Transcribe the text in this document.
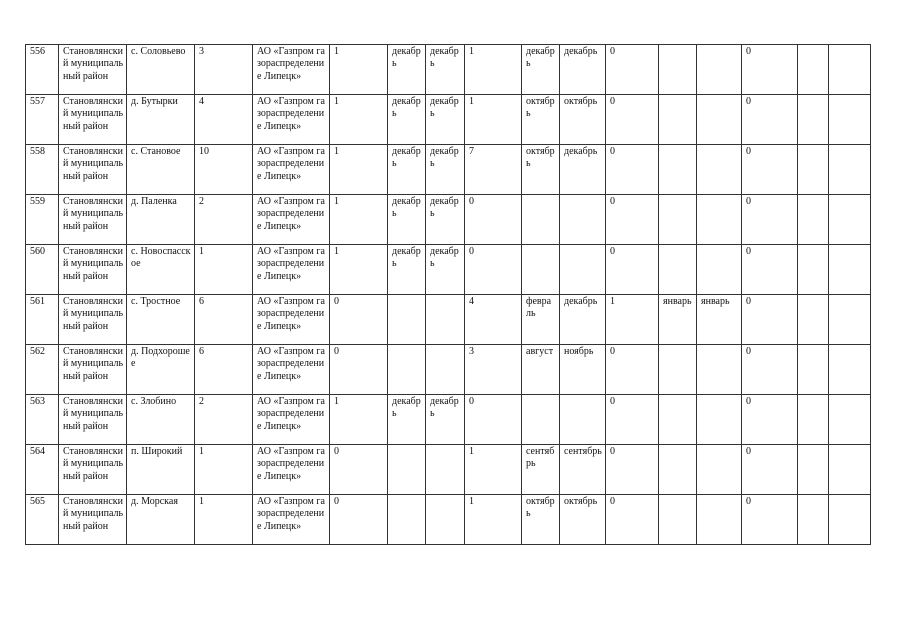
556	Становлянский муниципальный район	с. Соловьево	3	АО «Газпром газораспределение Липецк»	1	декабрь	декабрь	1	декабрь	декабрь	0			0		
557	Становлянский муниципальный район	д. Бутырки	4	АО «Газпром газораспределение Липецк»	1	декабрь	декабрь	1	октябрь	октябрь	0			0		
558	Становлянский муниципальный район	с. Становое	10	АО «Газпром газораспределение Липецк»	1	декабрь	декабрь	7	октябрь	декабрь	0			0		
559	Становлянский муниципальный район	д. Паленка	2	АО «Газпром газораспределение Липецк»	1	декабрь	декабрь	0			0			0		
560	Становлянский муниципальный район	с. Новоспасское	1	АО «Газпром газораспределение Липецк»	1	декабрь	декабрь	0			0			0		
561	Становлянский муниципальный район	с. Тростное	6	АО «Газпром газораспределение Липецк»	0			4	февраль	декабрь	1	январь	январь	0		
562	Становлянский муниципальный район	д. Подхорошее	6	АО «Газпром газораспределение Липецк»	0			3	август	ноябрь	0			0		
563	Становлянский муниципальный район	с. Злобино	2	АО «Газпром газораспределение Липецк»	1	декабрь	декабрь	0			0			0		
564	Становлянский муниципальный район	п. Широкий	1	АО «Газпром газораспределение Липецк»	0			1	сентябрь	сентябрь	0			0		
565	Становлянский муниципальный район	д. Морская	1	АО «Газпром газораспределение Липецк»	0			1	октябрь	октябрь	0			0		
